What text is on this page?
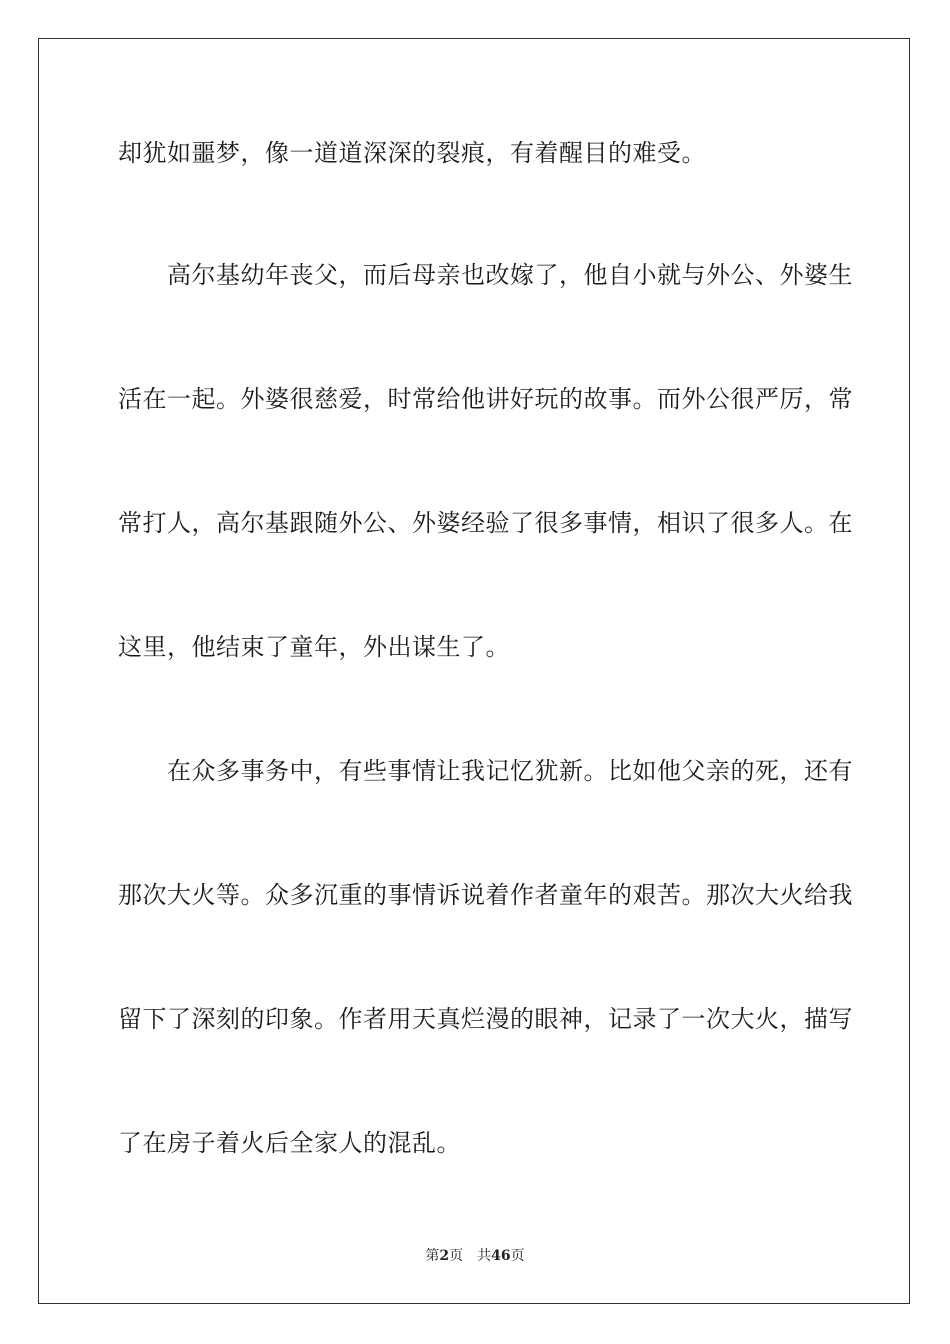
却犹如噩梦，像一道道深深的裂痕，有着醒目的难受。
　　高尔基幼年丧父，而后母亲也改嫁了，他自小就与外公、外婆生
活在一起。外婆很慈爱，时常给他讲好玩的故事。而外公很严厉，常
常打人，高尔基跟随外公、外婆经验了很多事情，相识了很多人。在
这里，他结束了童年，外出谋生了。
　　在众多事务中，有些事情让我记忆犹新。比如他父亲的死，还有
那次大火等。众多沉重的事情诉说着作者童年的艰苦。那次大火给我
留下了深刻的印象。作者用天真烂漫的眼神，记录了一次大火，描写
了在房子着火后全家人的混乱。
第2页 共46页
